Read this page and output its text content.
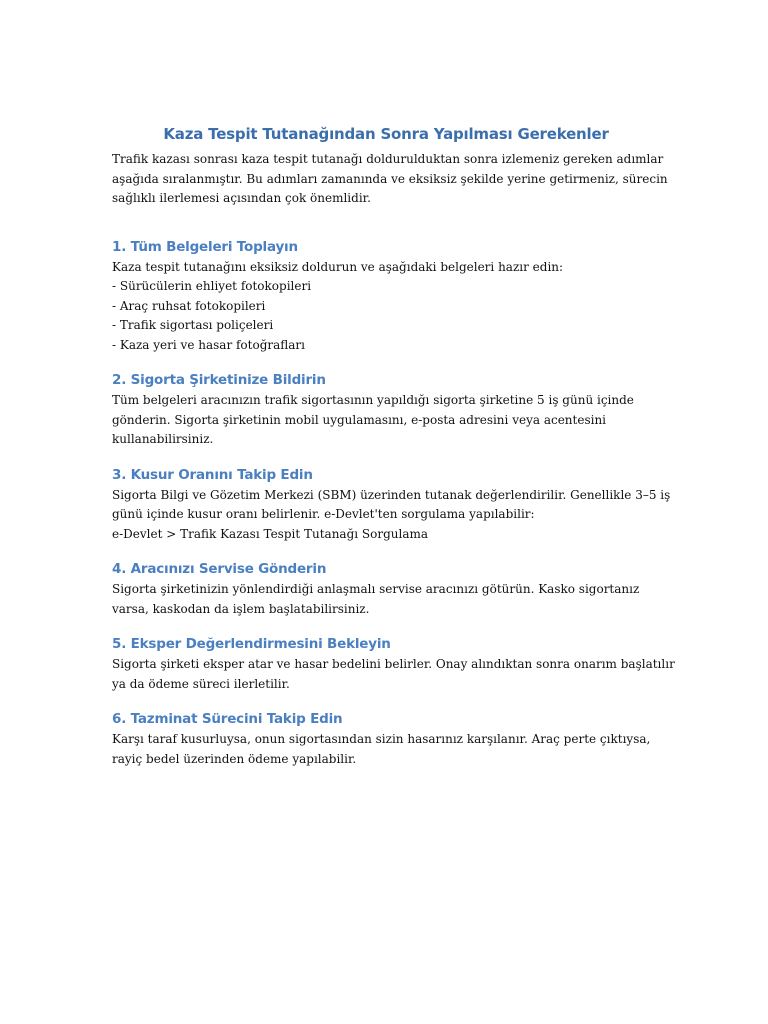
Kaza Tespit Tutanağından Sonra Yapılması Gerekenler

Trafik kazası sonrası kaza tespit tutanağı doldurulduktan sonra izlemeniz gereken adımlar
aşağıda sıralanmıştır. Bu adımları zamanında ve eksiksiz şekilde yerine getirmeniz, sürecin
sağlıklı ilerlemesi açısından çok önemlidir.

1. Tüm Belgeleri Toplayın

Kaza tespit tutanağını eksiksiz doldurun ve aşağıdaki belgeleri hazır edin:
- Sürücülerin ehliyet fotokopileri
- Araç ruhsat fotokopileri
- Trafik sigortası poliçeleri
- Kaza yeri ve hasar fotoğrafları

2. Sigorta Şirketinize Bildirin

Tüm belgeleri aracınızın trafik sigortasının yapıldığı sigorta şirketine 5 iş günü içinde
gönderin. Sigorta şirketinin mobil uygulamasını, e-posta adresini veya acentesini
kullanabilirsiniz.

3. Kusur Oranını Takip Edin

Sigorta Bilgi ve Gözetim Merkezi (SBM) üzerinden tutanak değerlendirilir. Genellikle 3–5 iş
günü içinde kusur oranı belirlenir. e-Devlet'ten sorgulama yapılabilir:
e-Devlet > Trafik Kazası Tespit Tutanağı Sorgulama

4. Aracınızı Servise Gönderin

Sigorta şirketinizin yönlendirdiği anlaşmalı servise aracınızı götürün. Kasko sigortanız
varsa, kaskodan da işlem başlatabilirsiniz.

5. Eksper Değerlendirmesini Bekleyin

Sigorta şirketi eksper atar ve hasar bedelini belirler. Onay alındıktan sonra onarım başlatılır
ya da ödeme süreci ilerletilir.

6. Tazminat Sürecini Takip Edin

Karşı taraf kusurluysa, onun sigortasından sizin hasarınız karşılanır. Araç perte çıktıysa,
rayiç bedel üzerinden ödeme yapılabilir.
